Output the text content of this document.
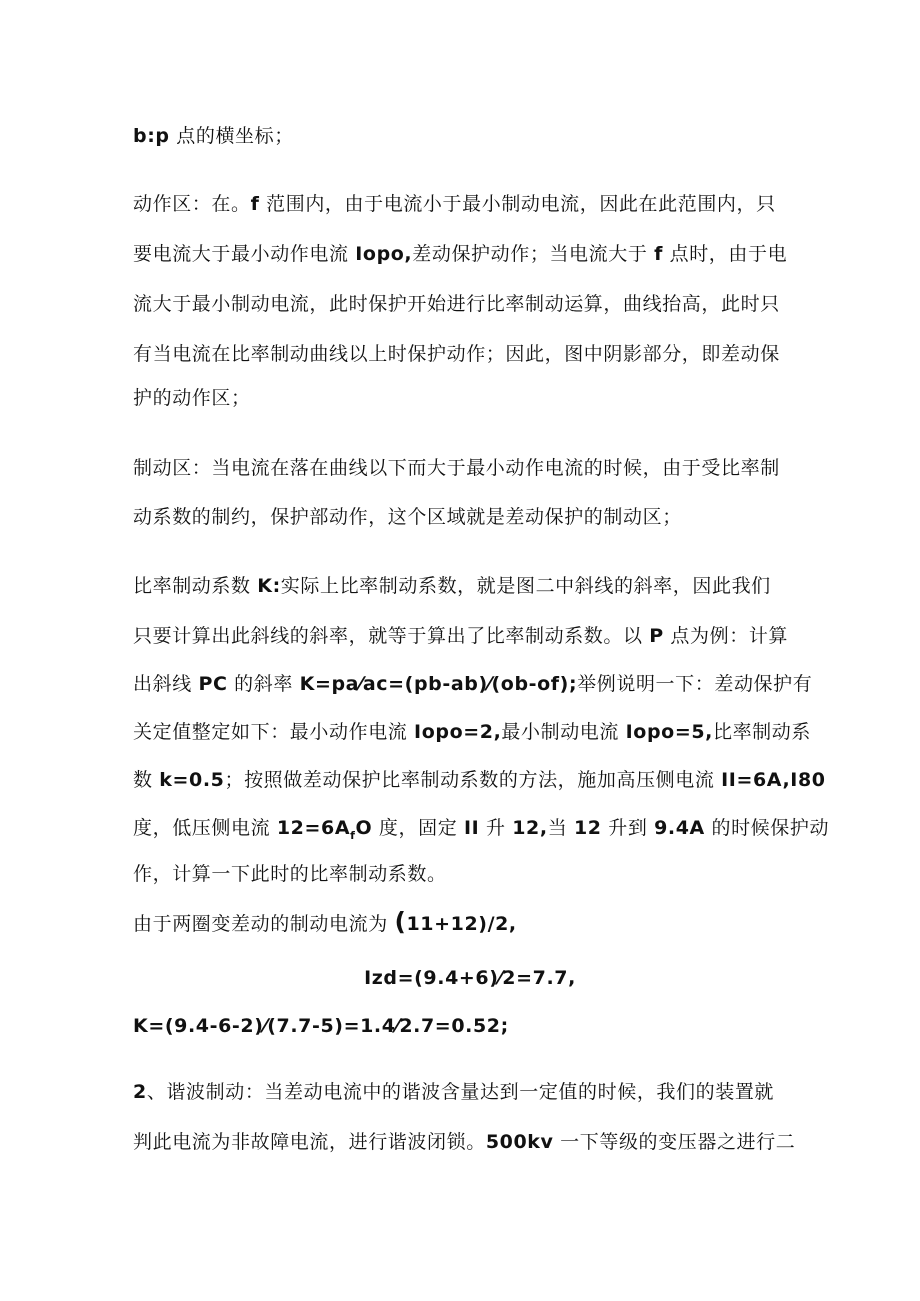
b:p 点的横坐标；
动作区：在。f 范围内，由于电流小于最小制动电流，因此在此范围内，只
要电流大于最小动作电流 Iopo,差动保护动作；当电流大于 f 点时，由于电
流大于最小制动电流，此时保护开始进行比率制动运算，曲线抬高，此时只
有当电流在比率制动曲线以上时保护动作；因此，图中阴影部分，即差动保
护的动作区；
制动区：当电流在落在曲线以下而大于最小动作电流的时候，由于受比率制
动系数的制约，保护部动作，这个区域就是差动保护的制动区；
比率制动系数 K:实际上比率制动系数，就是图二中斜线的斜率，因此我们
只要计算出此斜线的斜率，就等于算出了比率制动系数。以 P 点为例：计算
出斜线 PC 的斜率 K=pa⁄ac=(pb-ab)⁄(ob-of);举例说明一下：差动保护有
关定值整定如下：最小动作电流 Iopo=2,最小制动电流 Iopo=5,比率制动系
数 k=0.5；按照做差动保护比率制动系数的方法，施加高压侧电流 II=6A,I80
度，低压侧电流 $12=6A_fO$ 度，固定 II 升 12,当 12 升到 9.4A 的时候保护动
作，计算一下此时的比率制动系数。
由于两圈变差动的制动电流为 (11+12)/2,
Izd=(9.4+6)⁄2=7.7,
K=(9.4-6-2)⁄(7.7-5)=1.4⁄2.7=0.52;
2、谐波制动：当差动电流中的谐波含量达到一定值的时候，我们的装置就
判此电流为非故障电流，进行谐波闭锁。500kv 一下等级的变压器之进行二
